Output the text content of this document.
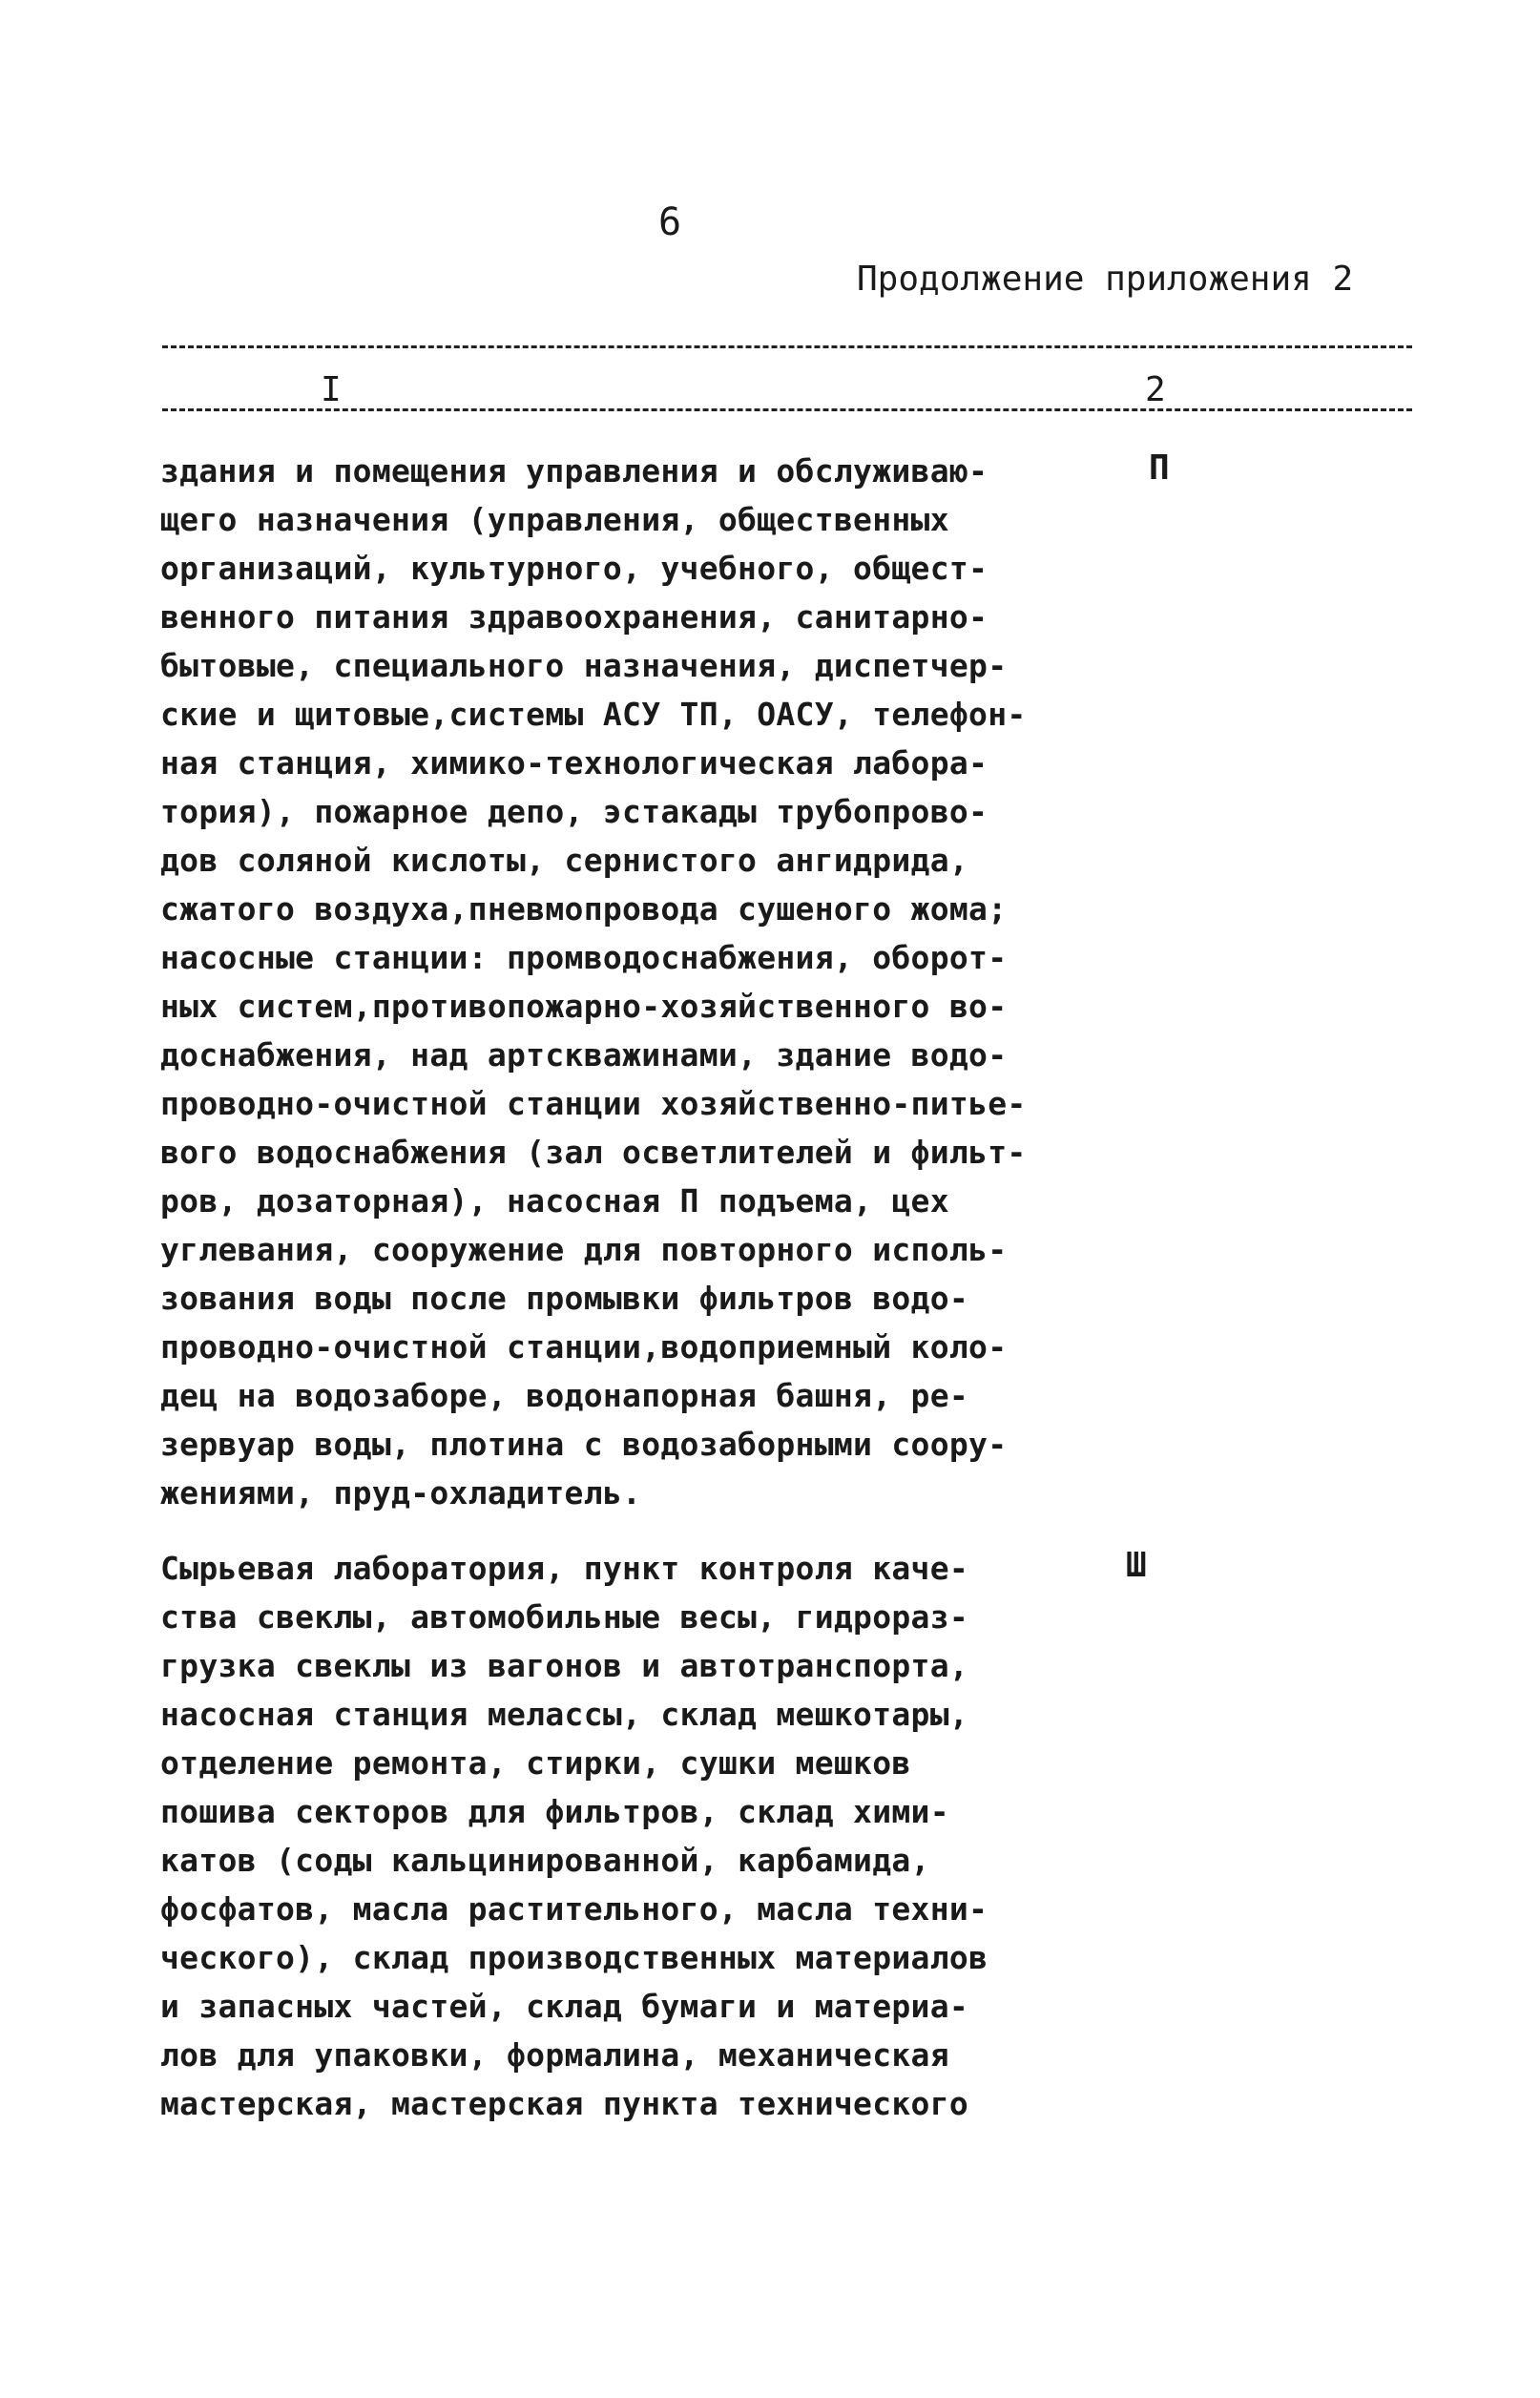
6
Продолжение приложения 2
I	2

здания и помещения управления и обслуживаю-
щего назначения (управления, общественных
организаций, культурного, учебного, общест-
венного питания здравоохранения, санитарно-
бытовые, специального назначения, диспетчер-
ские и щитовые,системы АСУ ТП, ОАСУ, телефон-
ная станция, химико-технологическая лабора-
тория), пожарное депо, эстакады трубопрово-
дов соляной кислоты, сернистого ангидрида,
сжатого воздуха,пневмопровода сушеного жома;
насосные станции: промводоснабжения, оборот-
ных систем,противопожарно-хозяйственного во-
доснабжения, над артскважинами, здание водо-
проводно-очистной станции хозяйственно-питье-
вого водоснабжения (зал осветлителей и фильт-
ров, дозаторная), насосная П подъема, цех
углевания, сооружение для повторного исполь-
зования воды после промывки фильтров водо-
проводно-очистной станции,водоприемный коло-
дец на водозаборе, водонапорная башня, ре-
зервуар воды, плотина с водозаборными соору-
жениями, пруд-охладитель.

П

Сырьевая лаборатория, пункт контроля каче-
ства свеклы, автомобильные весы, гидрораз-
грузка свеклы из вагонов и автотранспорта,
насосная станция мелассы, склад мешкотары,
отделение ремонта, стирки, сушки мешков
пошива секторов для фильтров, склад хими-
катов (соды кальцинированной, карбамида,
фосфатов, масла растительного, масла техни-
ческого), склад производственных материалов
и запасных частей, склад бумаги и материа-
лов для упаковки, формалина, механическая
мастерская, мастерская пункта технического

Ш
